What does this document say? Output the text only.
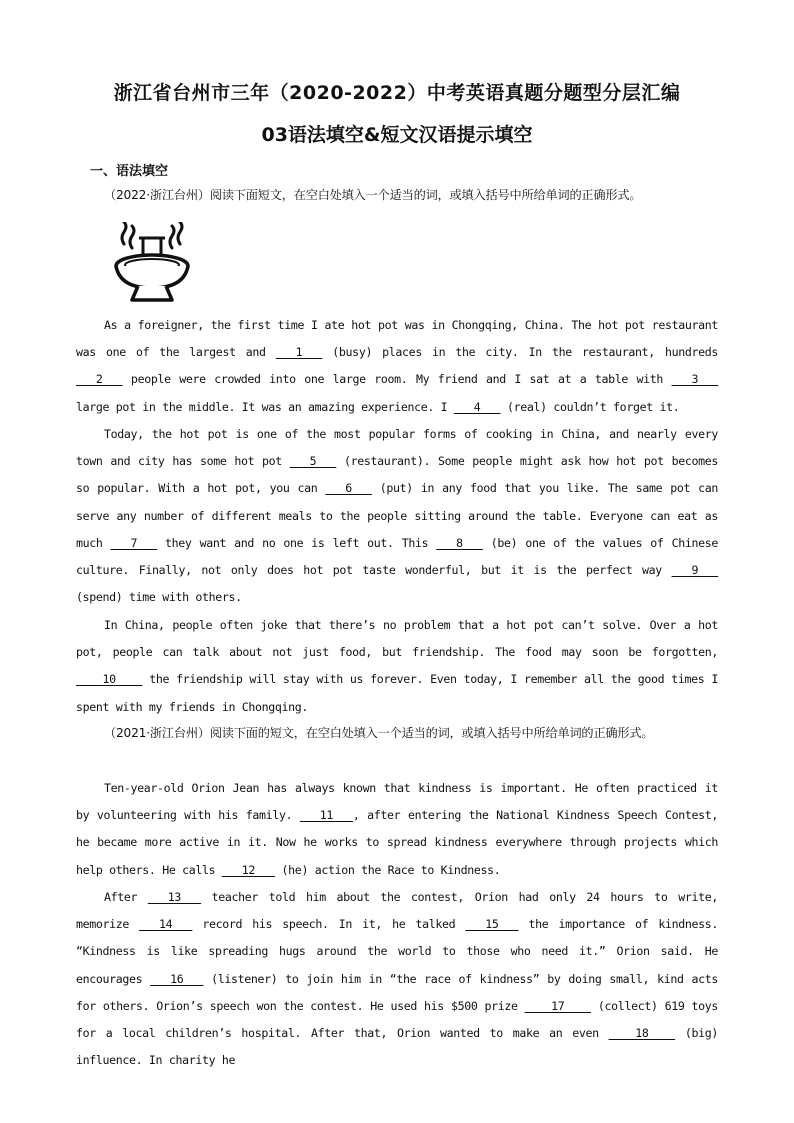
浙江省台州市三年（2020-2022）中考英语真题分题型分层汇编
03语法填空&短文汉语提示填空
一、语法填空
（2022·浙江台州）阅读下面短文，在空白处填入一个适当的词，或填入括号中所给单词的正确形式。
As a foreigner, the first time I ate hot pot was in Chongqing, China. The hot pot restaurant was one of the largest and ___1___ (busy) places in the city. In the restaurant, hundreds ___2___ people were crowded into one large room. My friend and I sat at a table with ___3___ large pot in the middle. It was an amazing experience. I ___4___ (real) couldn’t forget it.
Today, the hot pot is one of the most popular forms of cooking in China, and nearly every town and city has some hot pot ___5___ (restaurant). Some people might ask how hot pot becomes so popular. With a hot pot, you can ___6___ (put) in any food that you like. The same pot can serve any number of different meals to the people sitting around the table. Everyone can eat as much ___7___ they want and no one is left out. This ___8___ (be) one of the values of Chinese culture. Finally, not only does hot pot taste wonderful, but it is the perfect way ___9___ (spend) time with others.
In China, people often joke that there’s no problem that a hot pot can’t solve. Over a hot pot, people can talk about not just food, but friendship. The food may soon be forgotten, ____10____ the friendship will stay with us forever. Even today, I remember all the good times I spent with my friends in Chongqing.
（2021·浙江台州）阅读下面的短文，在空白处填入一个适当的词，或填入括号中所给单词的正确形式。
Ten-year-old Orion Jean has always known that kindness is important. He often practiced it by volunteering with his family. ___11___, after entering the National Kindness Speech Contest, he became more active in it. Now he works to spread kindness everywhere through projects which help others. He calls ___12___ (he) action the Race to Kindness.
After ___13___ teacher told him about the contest, Orion had only 24 hours to write, memorize ___14___ record his speech. In it, he talked ___15___ the importance of kindness. “Kindness is like spreading hugs around the world to those who need it.” Orion said. He encourages ___16___ (listener) to join him in “the race of kindness” by doing small, kind acts for others. Orion’s speech won the contest. He used his $500 prize ____17____ (collect) 619 toys for a local children’s hospital. After that, Orion wanted to make an even ____18____ (big) influence. In charity he
